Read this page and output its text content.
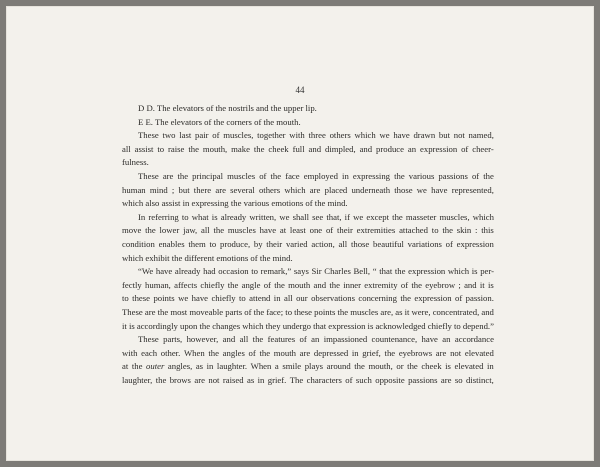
44
D D. The elevators of the nostrils and the upper lip.
E E. The elevators of the corners of the mouth.
These two last pair of muscles, together with three others which we have drawn but not named,
all assist to raise the mouth, make the cheek full and dimpled, and produce an expression of cheer-
fulness.
These are the principal muscles of the face employed in expressing the various passions of the
human mind ; but there are several others which are placed underneath those we have represented,
which also assist in expressing the various emotions of the mind.
In referring to what is already written, we shall see that, if we except the masseter muscles, which
move the lower jaw, all the muscles have at least one of their extremities attached to the skin : this
condition enables them to produce, by their varied action, all those beautiful variations of expression
which exhibit the different emotions of the mind.
“We have already had occasion to remark,” says Sir Charles Bell, “ that the expression which is per-
fectly human, affects chiefly the angle of the mouth and the inner extremity of the eyebrow ; and it is
to these points we have chiefly to attend in all our observations concerning the expression of passion.
These are the most moveable parts of the face; to these points the muscles are, as it were, concentrated, and
it is accordingly upon the changes which they undergo that expression is acknowledged chiefly to depend.”
These parts, however, and all the features of an impassioned countenance, have an accordance
with each other. When the angles of the mouth are depressed in grief, the eyebrows are not elevated
at the outer angles, as in laughter. When a smile plays around the mouth, or the cheek is elevated in
laughter, the brows are not raised as in grief. The characters of such opposite passions are so distinct,
